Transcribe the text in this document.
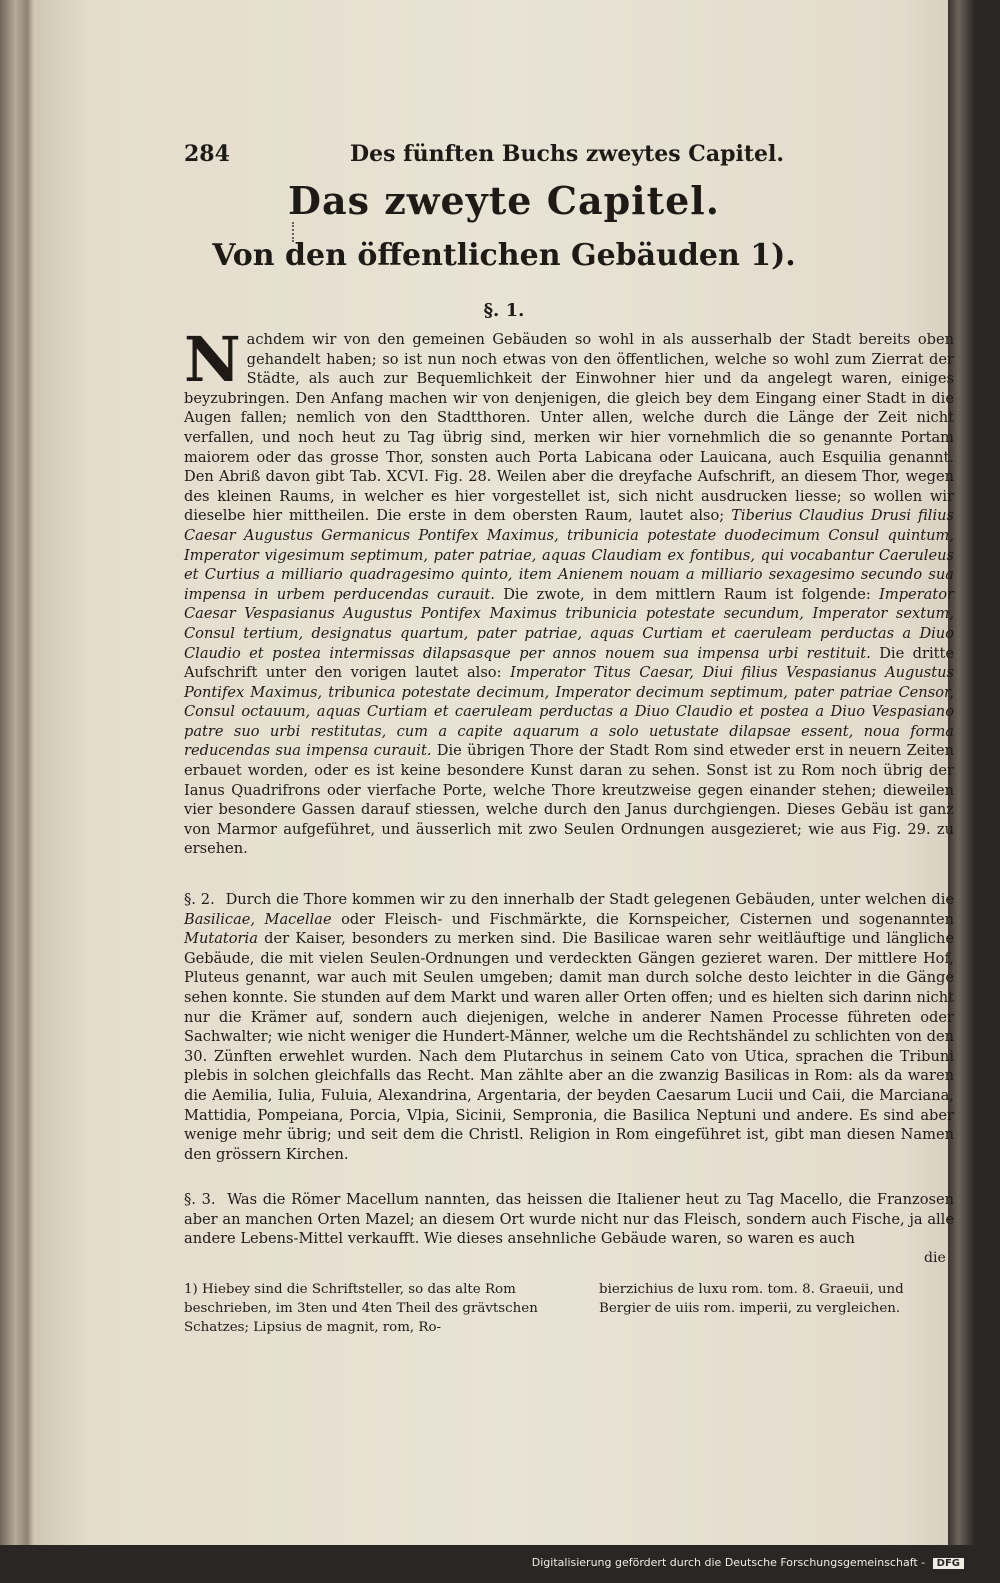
284	Des fünften Buchs zweytes Capitel.
Das zweyte Capitel.
Von den öffentlichen Gebäuden 1).
§. 1.
N achdem wir von den gemeinen Gebäuden so wohl in als ausserhalb der Stadt bereits oben gehandelt haben; so ist nun noch etwas von den öffentlichen, welche so wohl zum Zierrat der Städte, als auch zur Bequemlichkeit der Einwohner hier und da angelegt waren, einiges beyzubringen. Den Anfang machen wir von denjenigen, die gleich bey dem Eingang einer Stadt in die Augen fallen; nemlich von den Stadtthoren. Unter allen, welche durch die Länge der Zeit nicht verfallen, und noch heut zu Tag übrig sind, merken wir hier vornehmlich die so genannte Portam maiorem oder das grosse Thor, sonsten auch Porta Labicana oder Lauicana, auch Esquilia genannt. Den Abriß davon gibt Tab. XCVI. Fig. 28. Weilen aber die dreyfache Aufschrift, an diesem Thor, wegen des kleinen Raums, in welcher es hier vorgestellet ist, sich nicht ausdrucken liesse; so wollen wir dieselbe hier mittheilen. Die erste in dem obersten Raum, lautet also; Tiberius Claudius Drusi filius Caesar Augustus Germanicus Pontifex Maximus, tribunicia potestate duodecimum Consul quintum, Imperator vigesimum septimum, pater patriae, aquas Claudiam ex fontibus, qui vocabantur Caeruleus et Curtius a milliario quadragesimo quinto, item Anienem nouam a milliario sexagesimo secundo sua impensa in urbem perducendas curauit. Die zwote, in dem mittlern Raum ist folgende: Imperator Caesar Vespasianus Augustus Pontifex Maximus tribunicia potestate secundum, Imperator sextum, Consul tertium, designatus quartum, pater patriae, aquas Curtiam et caeruleam perductas a Diuo Claudio et postea intermissas dilapsasque per annos nouem sua impensa urbi restituit. Die dritte Aufschrift unter den vorigen lautet also: Imperator Titus Caesar, Diui filius Vespasianus Augustus Pontifex Maximus, tribunica potestate decimum, Imperator decimum septimum, pater patriae Censor, Consul octauum, aquas Curtiam et caeruleam perductas a Diuo Claudio et postea a Diuo Vespasiano patre suo urbi restitutas, cum a capite aquarum a solo uetustate dilapsae essent, noua forma reducendas sua impensa curauit. Die übrigen Thore der Stadt Rom sind etweder erst in neuern Zeiten erbauet worden, oder es ist keine besondere Kunst daran zu sehen. Sonst ist zu Rom noch übrig der Ianus Quadrifrons oder vierfache Porte, welche Thore kreutzweise gegen einander stehen; dieweilen vier besondere Gassen darauf stiessen, welche durch den Janus durchgiengen. Dieses Gebäu ist ganz von Marmor aufgeführet, und äusserlich mit zwo Seulen Ordnungen ausgezieret; wie aus Fig. 29. zu ersehen.
§. 2. Durch die Thore kommen wir zu den innerhalb der Stadt gelegenen Gebäuden, unter welchen die Basilicae, Macellae oder Fleisch- und Fischmärkte, die Kornspeicher, Cisternen und sogenannten Mutatoria der Kaiser, besonders zu merken sind. Die Basilicae waren sehr weitläuftige und längliche Gebäude, die mit vielen Seulen-Ordnungen und verdeckten Gängen gezieret waren. Der mittlere Hof, Pluteus genannt, war auch mit Seulen umgeben; damit man durch solche desto leichter in die Gänge sehen konnte. Sie stunden auf dem Markt und waren aller Orten offen; und es hielten sich darinn nicht nur die Krämer auf, sondern auch diejenigen, welche in anderer Namen Processe führeten oder Sachwalter; wie nicht weniger die Hundert-Männer, welche um die Rechtshändel zu schlichten von den 30. Zünften erwehlet wurden. Nach dem Plutarchus in seinem Cato von Utica, sprachen die Tribuni plebis in solchen gleichfalls das Recht. Man zählte aber an die zwanzig Basilicas in Rom: als da waren die Aemilia, Iulia, Fuluia, Alexandrina, Argentaria, der beyden Caesarum Lucii und Caii, die Marciana, Mattidia, Pompeiana, Porcia, Vlpia, Sicinii, Sempronia, die Basilica Neptuni und andere. Es sind aber wenige mehr übrig; und seit dem die Christl. Religion in Rom eingeführet ist, gibt man diesen Namen den grössern Kirchen.
§. 3. Was die Römer Macellum nannten, das heissen die Italiener heut zu Tag Macello, die Franzosen aber an manchen Orten Mazel; an diesem Ort wurde nicht nur das Fleisch, sondern auch Fische, ja alle andere Lebens-Mittel verkaufft. Wie dieses ansehnliche Gebäude waren, so waren es auch
die
1) Hiebey sind die Schriftsteller, so das alte Rom beschrieben, im 3ten und 4ten Theil des grävtschen Schatzes; Lipsius de magnit, rom, Ro-
bierzichius de luxu rom. tom. 8. Graeuii, und Bergier de uiis rom. imperii, zu vergleichen.
Digitalisierung gefördert durch die Deutsche Forschungsgemeinschaft - DFG
